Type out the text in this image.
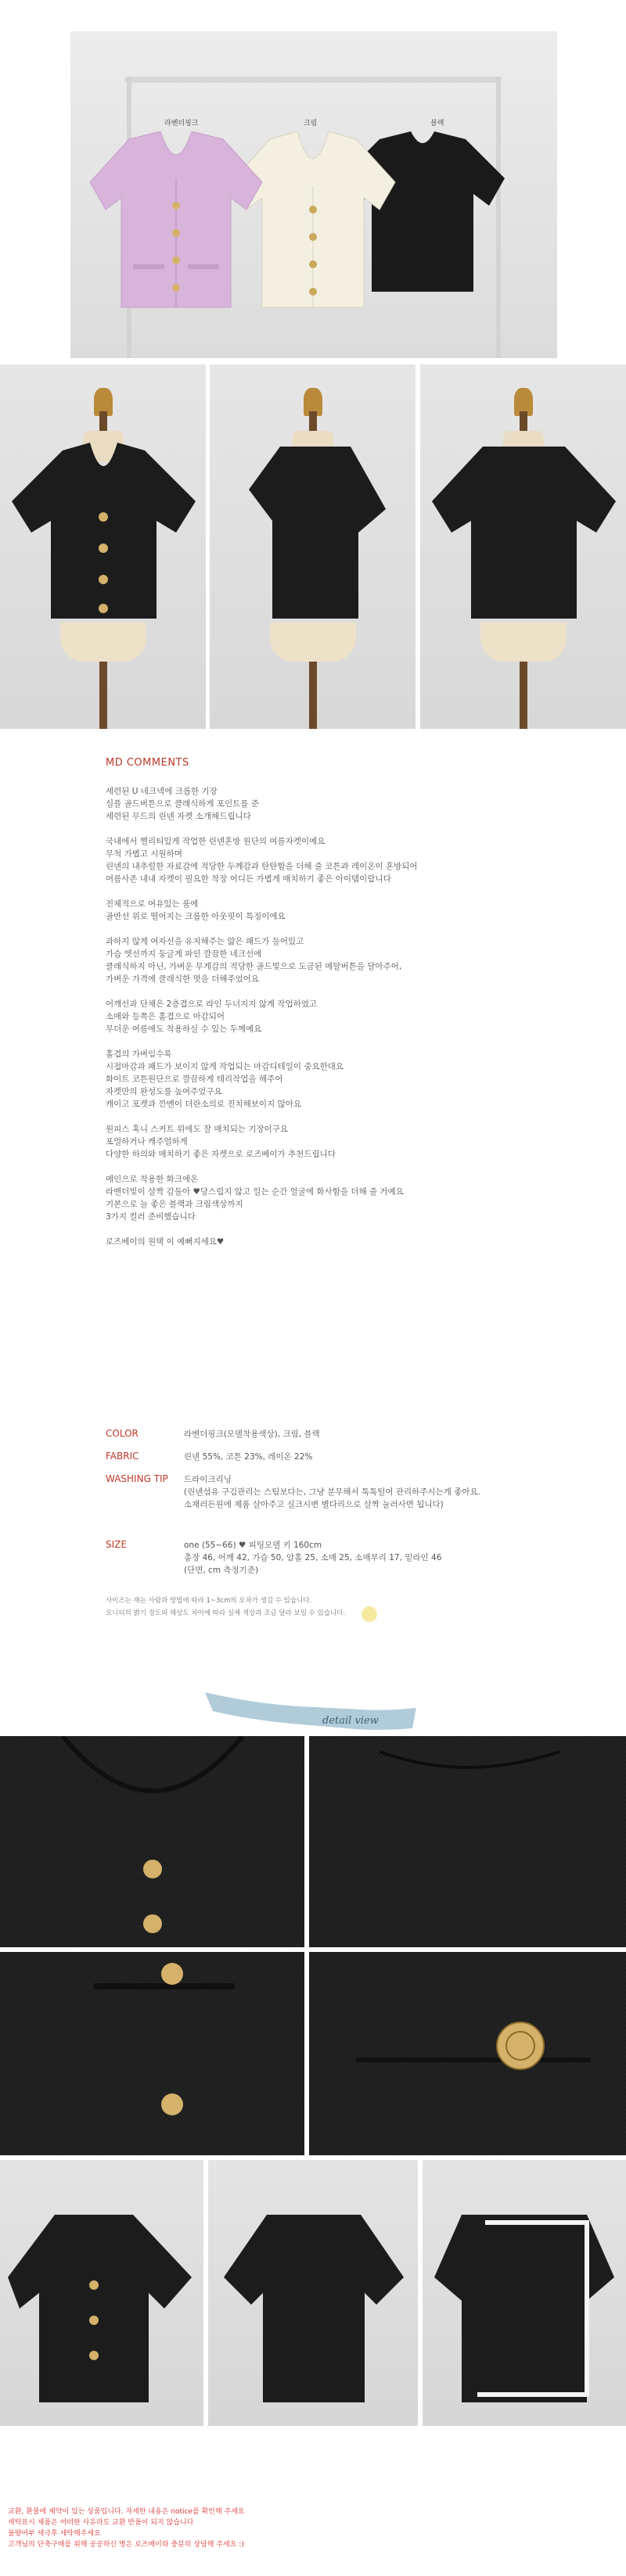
라벤더핑크	크림	블랙
MD COMMENTS

세련된 U 네크넥에 크롭한 기장

심플 골드버튼으로 클래식하게 포인트를 준

세련된 무드의 린넨 자켓 소개해드립니다

국내에서 헬리티있게 작업한 린넨혼방 원단의 여름자켓이예요

무척 가볍고 시원하며

린넨의 내추럴한 자료감에 적당한 두께감과 탄탄함을 더해 줄 코튼과 레이온이 혼방되어

여름사존 내내 자켓이 필요한 착장 어디든 가볍게 매치하기 좋은 아이템이랍니다

전체적으로 여유있는 품에

골반선 위로 떨어지는 크롭한 아웃핏이 특징이에요

과하지 않게 여자선을 유지해주는 얇은 패드가 들어있고

가슴 엣선까지 둥글게 파인 깔끔한 네크선에

클래식하지 아닌, 가벼운 무게감의 적당한 골드빛으로 도금된 메탈버튼을 달아주어,

가벼운 가격에 클래식한 멋을 더해주었어요

어깨선과 단채은 2층겹으로 라인 두너지지 않게 작업하였고

소매와 등쪽은 홀겹으로 마감되어

무더운 여름에도 착용하실 수 있는 두께예요

홀겹의 가벼임수록

시접마감과 패드가 보이지 않게 작업되는 마감디테일이 중요한대요

화이트 코튼원단으로 깔끔하게 테리작업을 해주어

자켓만의 완성도를 높여주었구요

캐이고 포켓과 깐멘이 더란소의로 진치해보이지 않아요

원피스 혹니 스커트 위에도 잘 매치되는 기장이구요

포멀하거나 캐주얼하게

다양한 하의와 매치하기 좋은 자켓으로 로즈베이가 추천드립니다

메인으로 착용한 화크에온

라벤더빛이 살짝 감돌아 ♥당스럽지 않고 일는 순간 얼굴에 화사함을 더해 줄 거예요

기본으로 늘 좋은 블랙과 크림색상까지

3가지 컬러 준비했습니다

로즈베이의 원택 이 예뻐지세요♥

COLOR	라벤더핑크(모델착용색상), 크림, 블랙
FABRIC	린넨 55%, 코튼 23%, 레이온 22%
WASHING TIP	드라이크리닝
(린넨섬유 구김관리는 스팀보다는, 그냥 분무해서 톡톡털어 관리하주시는게 좋아요.
소재러든원에 제품 살아주고 실크시변 별다리으로 살짝 눌러사면 됩니다)
SIZE	one (55~66) ♥ 피팅모델 키 160cm
총장 46, 어깨 42, 가슴 50, 암홀 25, 소매 25, 소매부리 17, 밑라인 46
(단면, cm 측정기준)
사이즈는 재는 사람과 방법에 따라 1~3cm의 오차가 생길 수 있습니다.
모니터의 밝기 정도와 해상도 차이에 따라 실제 색상과 조금 달라 보일 수 있습니다.
detail view

교환, 환불에 제약이 있는 상품입니다. 자세한 내용은 notice를 확인해 주세요

세탁표시 제품은 어떠한 사유라도 교환 반품이 되지 않습니다

불량여부 세극후 세탁해주세요

고객님의 단축구매를 위해 공공하신 명은 로즈베이와 충분히 상담해 주세요 :)
